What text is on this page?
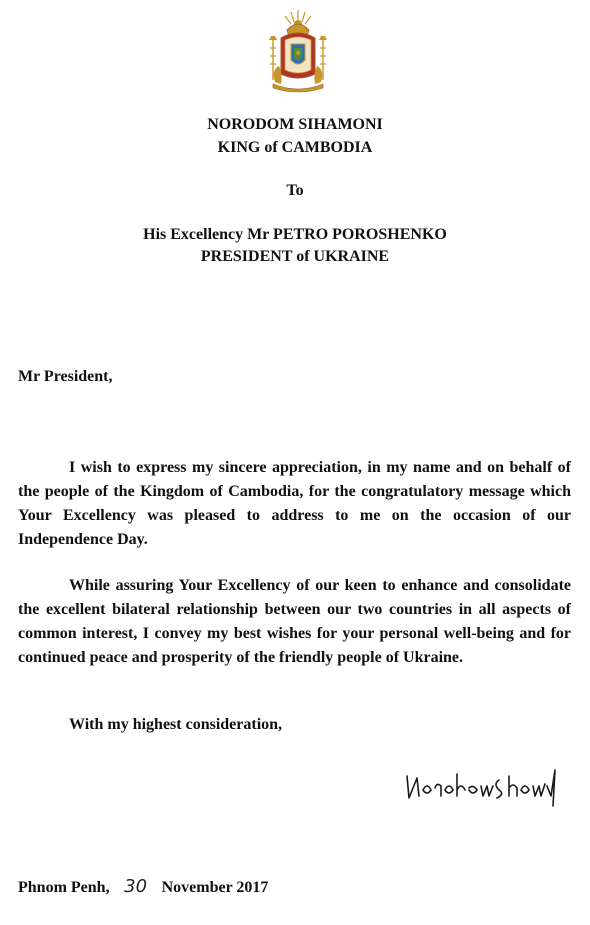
NORODOM SIHAMONI
KING of CAMBODIA
To
His Excellency Mr PETRO POROSHENKO
PRESIDENT of UKRAINE
Mr President,

I wish to express my sincere appreciation, in my name and on behalf of the people of the Kingdom of Cambodia, for the congratulatory message which Your Excellency was pleased to address to me on the occasion of our Independence Day.

While assuring Your Excellency of our keen to enhance and consolidate the excellent bilateral relationship between our two countries in all aspects of common interest, I convey my best wishes for your personal well-being and for continued peace and prosperity of the friendly people of Ukraine.

With my highest consideration,
Phnom Penh, 30 November 2017
